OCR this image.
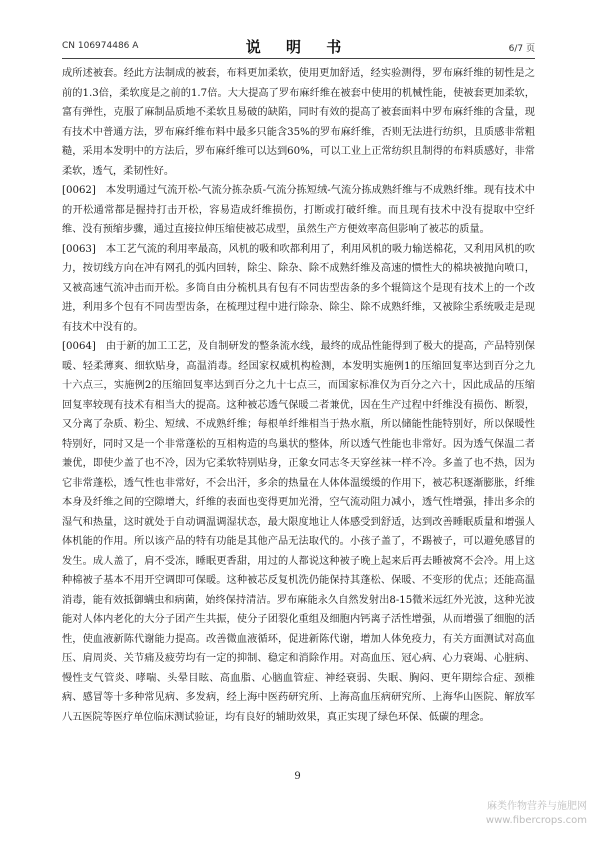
CN 106974486 A	说 明 书	6/7 页

成所述被套。经此方法制成的被套，布料更加柔软，使用更加舒适，经实验测得，罗布麻纤维的韧性是之前的1.3倍，柔软度是之前的1.7倍。大大提高了罗布麻纤维在被套中使用的机械性能，使被套更加柔软，富有弹性，克服了麻制品质地不柔软且易破的缺陷，同时有效的提高了被套面料中罗布麻纤维的含量，现有技术中普通方法，罗布麻纤维布料中最多只能含35%的罗布麻纤维，否则无法进行纺织，且质感非常粗糙，采用本发明中的方法后，罗布麻纤维可以达到60%，可以工业上正常纺织且制得的布料质感好，非常柔软，透气，柔韧性好。

[0062] 本发明通过气流开松-气流分拣杂质-气流分拣短绒-气流分拣成熟纤维与不成熟纤维。现有技术中的开松通常都是握持打击开松，容易造成纤维损伤，打断或打破纤维。而且现有技术中没有提取中空纤维、没有预缩步骤，通过直接拉伸压缩使被芯成型，虽然生产方便效率高但影响了被芯的质量。

[0063] 本工艺气流的利用率最高，风机的吸和吹都利用了，利用风机的吸力输送棉花，又利用风机的吹力，按切线方向在冲有网孔的弧内回转，除尘、除杂、除不成熟纤维及高速的惯性大的棉块被抛向喷口，又被高速气流冲击而开松。多筒自由分梳机具有包有不同齿型齿条的多个辊筒这个是现有技术上的一个改进，利用多个包有不同齿型齿条，在梳理过程中进行除杂、除尘、除不成熟纤维，又被除尘系统吸走是现有技术中没有的。

[0064] 由于新的加工工艺，及自制研发的整条流水线，最终的成品性能得到了极大的提高，产品特别保暖、轻柔薄爽、细软贴身，高温消毒。经国家权威机构检测，本发明实施例1的压缩回复率达到百分之九十六点三，实施例2的压缩回复率达到百分之九十七点三，而国家标准仅为百分之六十，因此成品的压缩回复率较现有技术有相当大的提高。这种被芯透气保暖二者兼优，因在生产过程中纤维没有损伤、断裂，又分离了杂质、粉尘、短绒、不成熟纤维；每根单纤维相当于热水瓶，所以储能性能特别好，所以保暖性特别好，同时又是一个非常蓬松的互相构造的鸟巢状的整体，所以透气性能也非常好。因为透气保温二者兼优，即使少盖了也不冷，因为它柔软特别贴身，正象女同志冬天穿丝袜一样不冷。多盖了也不热，因为它非常蓬松，透气性也非常好，不会出汗，多余的热量在人体体温缓缓的作用下，被芯积逐渐膨胀，纤维本身及纤维之间的空隙增大，纤维的表面也变得更加光滑，空气流动阻力减小，透气性增强，排出多余的湿气和热量，这时就处于自动调温调湿状态，最大限度地让人体感受到舒适，达到改善睡眠质量和增强人体机能的作用。所以该产品的特有功能是其他产品无法取代的。小孩子盖了，不踢被子，可以避免感冒的发生。成人盖了，肩不受冻，睡眠更香甜，用过的人都说这种被子晚上起来后再去睡被窝不会冷。用上这种棉被子基本不用开空调即可保暖。这种被芯反复机洗仍能保持其蓬松、保暖、不变形的优点；还能高温消毒，能有效抵御螨虫和病菌，始终保持清洁。罗布麻能永久自然发射出8-15微米远红外光波，这种光波能对人体内老化的大分子团产生共振，使分子团裂化重组及细胞内钙离子活性增强，从而增强了细胞的活性，使血液新陈代谢能力提高。改善微血液循环，促进新陈代谢，增加人体免疫力，有关方面测试对高血压、肩周炎、关节痛及疲劳均有一定的抑制、稳定和消除作用。对高血压、冠心病、心力衰竭、心脏病、慢性支气管炎、哮喘、头晕目眩、高血脂、心脑血管症、神经衰弱、失眠、胸闷、更年期综合症、颈椎病、感冒等十多种常见病、多发病，经上海中医药研究所、上海高血压病研究所、上海华山医院、解放军八五医院等医疗单位临床测试验证，均有良好的辅助效果，真正实现了绿色环保、低碳的理念。

9
麻类作物营养与施肥网
www.fibercrops.com
